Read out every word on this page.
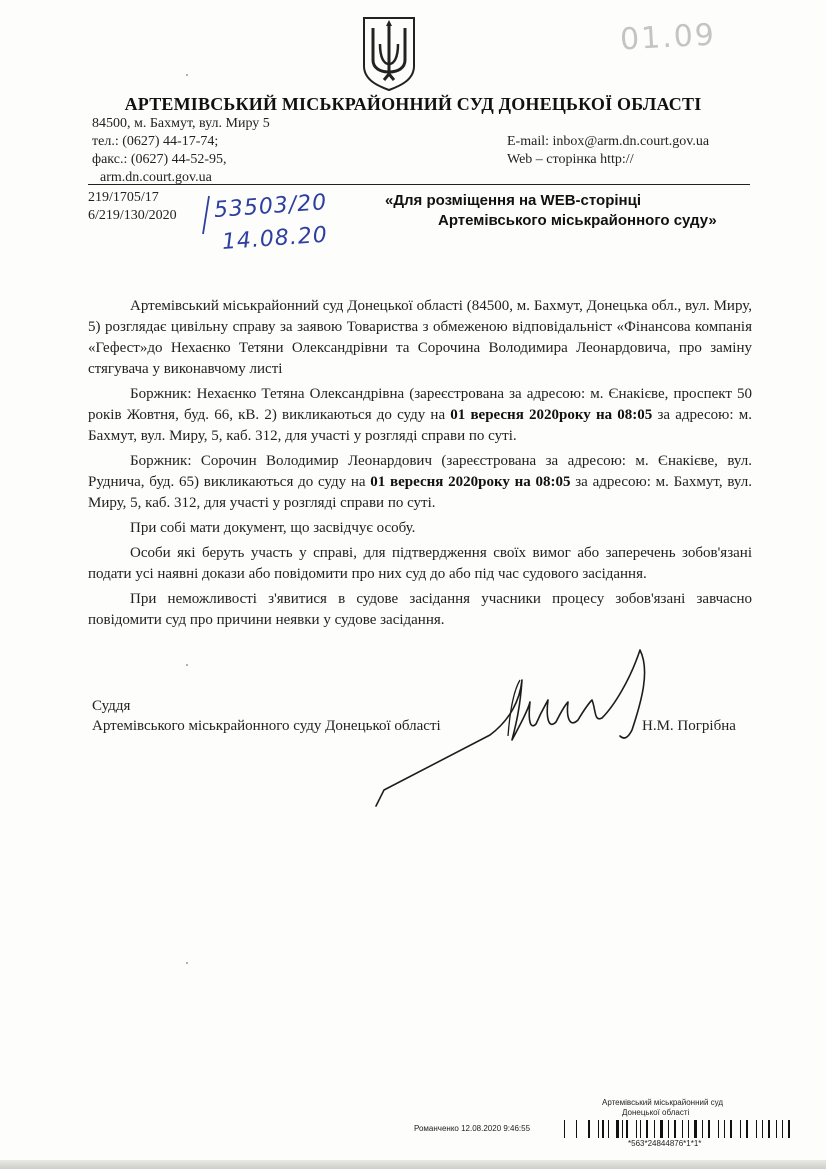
01.09
АРТЕМІВСЬКИЙ МІСЬКРАЙОННИЙ СУД ДОНЕЦЬКОЇ ОБЛАСТІ
84500, м. Бахмут, вул. Миру 5
тел.: (0627) 44-17-74;
факс.: (0627) 44-52-95,
arm.dn.court.gov.ua
E-mail: inbox@arm.dn.court.gov.ua
Web – сторінка http://
219/1705/17
6/219/130/2020 53503/20
14.08.20
«Для розміщення на WEB-сторінці
Артемівського міськрайонного суду»

Артемівський міськрайонний суд Донецької області (84500, м. Бахмут, Донецька обл., вул. Миру, 5) розглядає цивільну справу за заявою Товариства з обмеженою відповідальніст «Фінансова компанія «Гефест»до Нехаєнко Тетяни Олександрівни та Сорочина Володимира Леонардовича, про заміну стягувача у виконавчому листі

Боржник: Нехаєнко Тетяна Олександрівна (зареєстрована за адресою: м. Єнакієве, проспект 50 років Жовтня, буд. 66, кВ. 2) викликаються до суду на 01 вересня 2020року на 08:05 за адресою: м. Бахмут, вул. Миру, 5, каб. 312, для участі у розгляді справи по суті.

Боржник: Сорочин Володимир Леонардович (зареєстрована за адресою: м. Єнакієве, вул. Руднича, буд. 65) викликаються до суду на 01 вересня 2020року на 08:05 за адресою: м. Бахмут, вул. Миру, 5, каб. 312, для участі у розгляді справи по суті.

При собі мати документ, що засвідчує особу.

Особи які беруть участь у справі, для підтвердження своїх вимог або заперечень зобов'язані подати усі наявні докази або повідомити про них суд до або під час судового засідання.

При неможливості з'явитися в судове засідання учасники процесу зобов'язані завчасно повідомити суд про причини неявки у судове засідання.

Суддя
Артемівського міськрайонного суду Донецької області	Н.М. Погрібна
Артемівський міськрайонний суд
Донецької області
Романченко 12.08.2020 9:46:55
*563*24844876*1*1*
